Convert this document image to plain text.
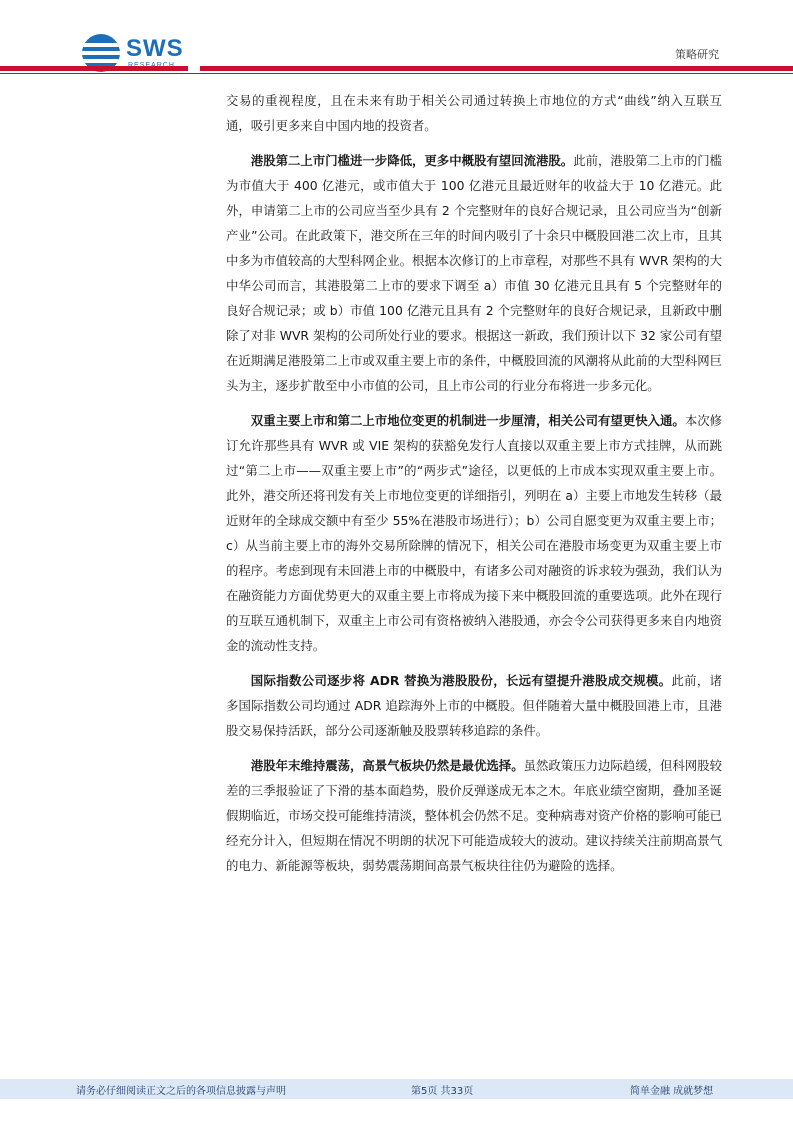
SWS	策略研究

交易的重视程度，且在未来有助于相关公司通过转换上市地位的方式“曲线”纳入互联互通，吸引更多来自中国内地的投资者。

港股第二上市门槛进一步降低，更多中概股有望回流港股。此前，港股第二上市的门槛为市值大于 400 亿港元，或市值大于 100 亿港元且最近财年的收益大于 10 亿港元。此外，申请第二上市的公司应当至少具有 2 个完整财年的良好合规记录，且公司应当为“创新产业”公司。在此政策下，港交所在三年的时间内吸引了十余只中概股回港二次上市，且其中多为市值较高的大型科网企业。根据本次修订的上市章程，对那些不具有 WVR 架构的大中华公司而言，其港股第二上市的要求下调至 a）市值 30 亿港元且具有 5 个完整财年的良好合规记录；或 b）市值 100 亿港元且具有 2 个完整财年的良好合规记录，且新政中删除了对非 WVR 架构的公司所处行业的要求。根据这一新政，我们预计以下 32 家公司有望在近期满足港股第二上市或双重主要上市的条件，中概股回流的风潮将从此前的大型科网巨头为主，逐步扩散至中小市值的公司，且上市公司的行业分布将进一步多元化。

双重主要上市和第二上市地位变更的机制进一步厘清，相关公司有望更快入通。本次修订允许那些具有 WVR 或 VIE 架构的获豁免发行人直接以双重主要上市方式挂牌，从而跳过“第二上市——双重主要上市”的“两步式”途径，以更低的上市成本实现双重主要上市。此外，港交所还将刊发有关上市地位变更的详细指引，列明在 a）主要上市地发生转移（最近财年的全球成交额中有至少 55%在港股市场进行）；b）公司自愿变更为双重主要上市；c）从当前主要上市的海外交易所除牌的情况下，相关公司在港股市场变更为双重主要上市的程序。考虑到现有未回港上市的中概股中，有诸多公司对融资的诉求较为强劲，我们认为在融资能力方面优势更大的双重主要上市将成为接下来中概股回流的重要选项。此外在现行的互联互通机制下，双重主上市公司有资格被纳入港股通，亦会令公司获得更多来自内地资金的流动性支持。

国际指数公司逐步将 ADR 替换为港股股份，长远有望提升港股成交规模。此前，诸多国际指数公司均通过 ADR 追踪海外上市的中概股。但伴随着大量中概股回港上市，且港股交易保持活跃，部分公司逐渐触及股票转移追踪的条件。

港股年末维持震荡，高景气板块仍然是最优选择。虽然政策压力边际趋缓，但科网股较差的三季报验证了下滑的基本面趋势，股价反弹遂成无本之木。年底业绩空窗期，叠加圣诞假期临近，市场交投可能维持清淡，整体机会仍然不足。变种病毒对资产价格的影响可能已经充分计入，但短期在情况不明朗的状况下可能造成较大的波动。建议持续关注前期高景气的电力、新能源等板块，弱势震荡期间高景气板块往往仍为避险的选择。

请务必仔细阅读正文之后的各项信息披露与声明	第5页 共33页	简单金融 成就梦想
